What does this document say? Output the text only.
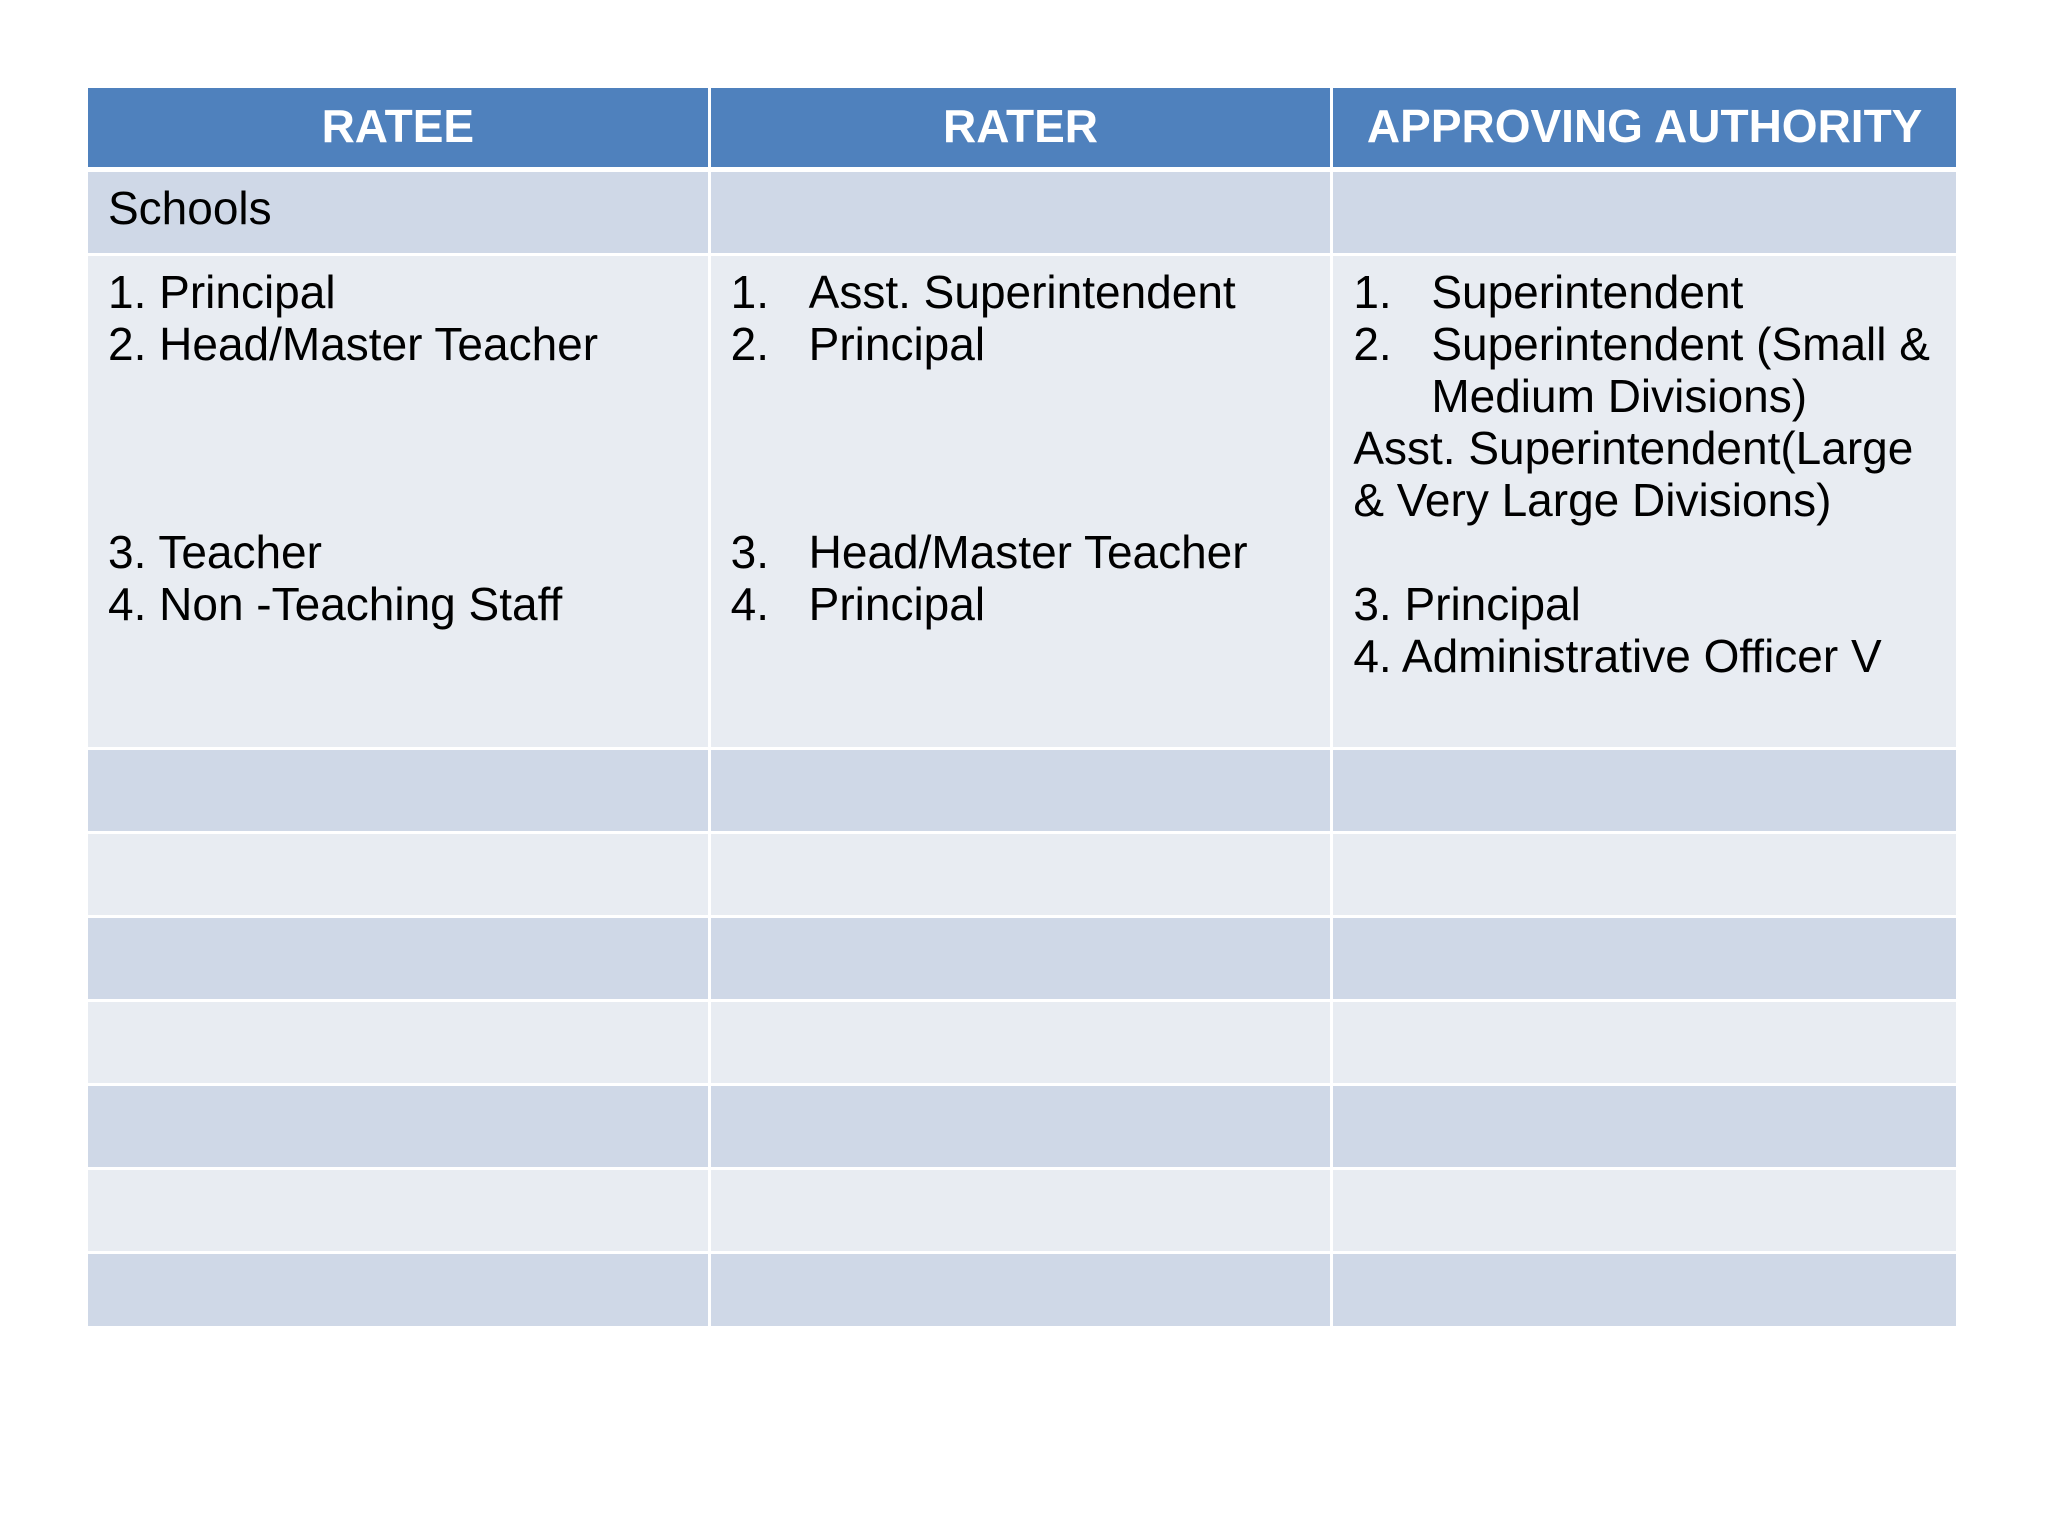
RATEE	RATER	APPROVING AUTHORITY
Schools
1. Principal
2. Head/Master Teacher
3. Teacher
4. Non -Teaching Staff
1. Asst. Superintendent
2. Principal
3. Head/Master Teacher
4. Principal
1. Superintendent
2. Superintendent (Small & Medium Divisions)
Asst. Superintendent(Large & Very Large Divisions)
3. Principal
4. Administrative Officer V
